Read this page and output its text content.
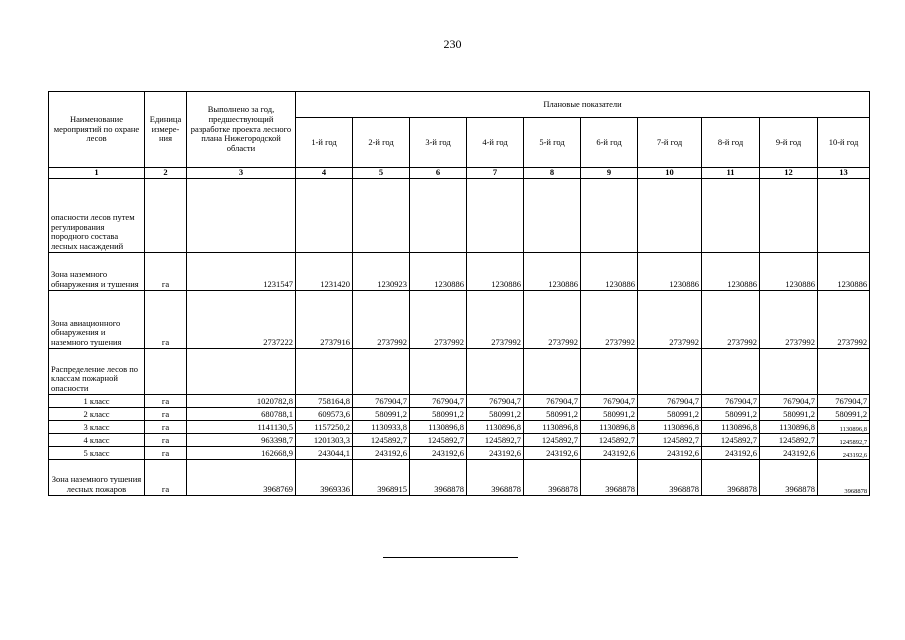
230
Наименование мероприятий по охране лесов	Единица измере-ния	Выполнено за год, предшествующий разработке проекта лесного плана Нижегородской области	Плановые показатели									
			1-й год	2-й год	3-й год	4-й год	5-й год	6-й год	7-й год	8-й год	9-й год	10-й год
1	2	3	4	5	6	7	8	9	10	11	12	13
опасности лесов путем регулирования породного состава лесных насаждений												
Зона наземного обнаружения и тушения	га	1231547	1231420	1230923	1230886	1230886	1230886	1230886	1230886	1230886	1230886	1230886
Зона авиационного обнаружения и наземного тушения	га	2737222	2737916	2737992	2737992	2737992	2737992	2737992	2737992	2737992	2737992	2737992
Распределение лесов по классам пожарной опасности												
1 класс	га	1020782,8	758164,8	767904,7	767904,7	767904,7	767904,7	767904,7	767904,7	767904,7	767904,7	767904,7
2 класс	га	680788,1	609573,6	580991,2	580991,2	580991,2	580991,2	580991,2	580991,2	580991,2	580991,2	580991,2
3 класс	га	1141130,5	1157250,2	1130933,8	1130896,8	1130896,8	1130896,8	1130896,8	1130896,8	1130896,8	1130896,8	1130896,8
4 класс	га	963398,7	1201303,3	1245892,7	1245892,7	1245892,7	1245892,7	1245892,7	1245892,7	1245892,7	1245892,7	1245892,7
5 класс	га	162668,9	243044,1	243192,6	243192,6	243192,6	243192,6	243192,6	243192,6	243192,6	243192,6	243192,6
Зона наземного тушения лесных пожаров	га	3968769	3969336	3968915	3968878	3968878	3968878	3968878	3968878	3968878	3968878	3968878
